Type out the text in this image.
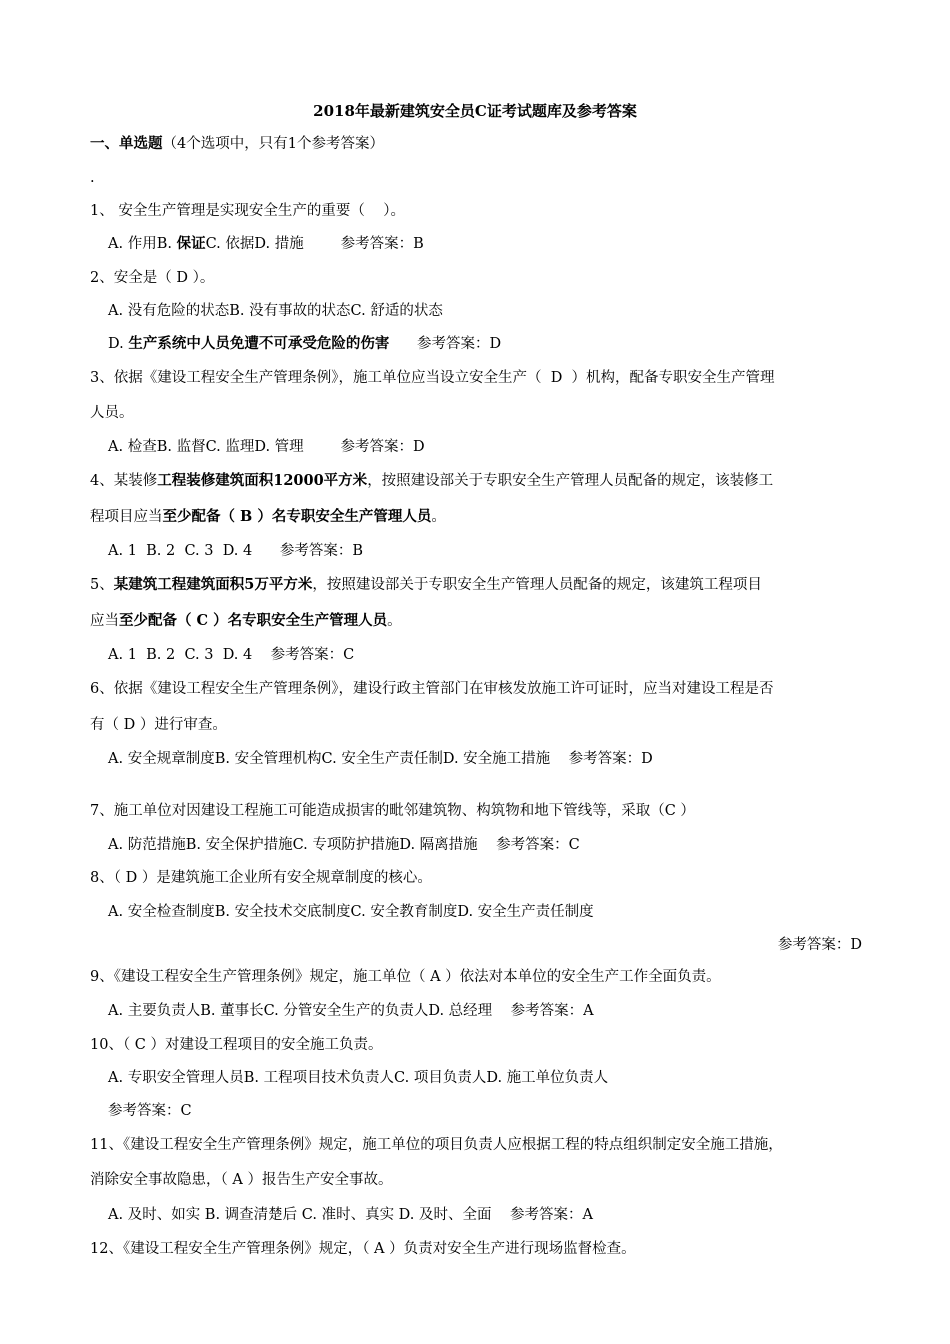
2018年最新建筑安全员C证考试题库及参考答案
一、单选题（4个选项中，只有1个参考答案）
.
1、 安全生产管理是实现安全生产的重要（    ）。
A. 作用B. 保证C. 依据D. 措施        参考答案：B
2、安全是（ D ）。
A. 没有危险的状态B. 没有事故的状态C. 舒适的状态
D. 生产系统中人员免遭不可承受危险的伤害      参考答案：D
3、依据《建设工程安全生产管理条例》，施工单位应当设立安全生产（  D  ）机构，配备专职安全生产管理
人员。
A. 检查B. 监督C. 监理D. 管理        参考答案：D
4、某装修工程装修建筑面积12000平方米，按照建设部关于专职安全生产管理人员配备的规定，该装修工
程项目应当至少配备（ B ）名专职安全生产管理人员。
A. 1  B. 2  C. 3  D. 4      参考答案：B
5、某建筑工程建筑面积5万平方米，按照建设部关于专职安全生产管理人员配备的规定，该建筑工程项目
应当至少配备（ C ）名专职安全生产管理人员。
A. 1  B. 2  C. 3  D. 4    参考答案：C
6、依据《建设工程安全生产管理条例》，建设行政主管部门在审核发放施工许可证时，应当对建设工程是否
有（ D ）进行审查。
A. 安全规章制度B. 安全管理机构C. 安全生产责任制D. 安全施工措施    参考答案：D
7、施工单位对因建设工程施工可能造成损害的毗邻建筑物、构筑物和地下管线等，采取（C ）
A. 防范措施B. 安全保护措施C. 专项防护措施D. 隔离措施    参考答案：C
8、（ D ）是建筑施工企业所有安全规章制度的核心。
A. 安全检查制度B. 安全技术交底制度C. 安全教育制度D. 安全生产责任制度
参考答案：D
9、《建设工程安全生产管理条例》规定，施工单位（ A ）依法对本单位的安全生产工作全面负责。
A. 主要负责人B. 董事长C. 分管安全生产的负责人D. 总经理    参考答案：A
10、（ C ）对建设工程项目的安全施工负责。
A. 专职安全管理人员B. 工程项目技术负责人C. 项目负责人D. 施工单位负责人
参考答案：C
11、《建设工程安全生产管理条例》规定，施工单位的项目负责人应根据工程的特点组织制定安全施工措施，
消除安全事故隐患，（ A ）报告生产安全事故。
A. 及时、如实 B. 调查清楚后 C. 准时、真实 D. 及时、全面    参考答案：A
12、《建设工程安全生产管理条例》规定，（ A ）负责对安全生产进行现场监督检查。
